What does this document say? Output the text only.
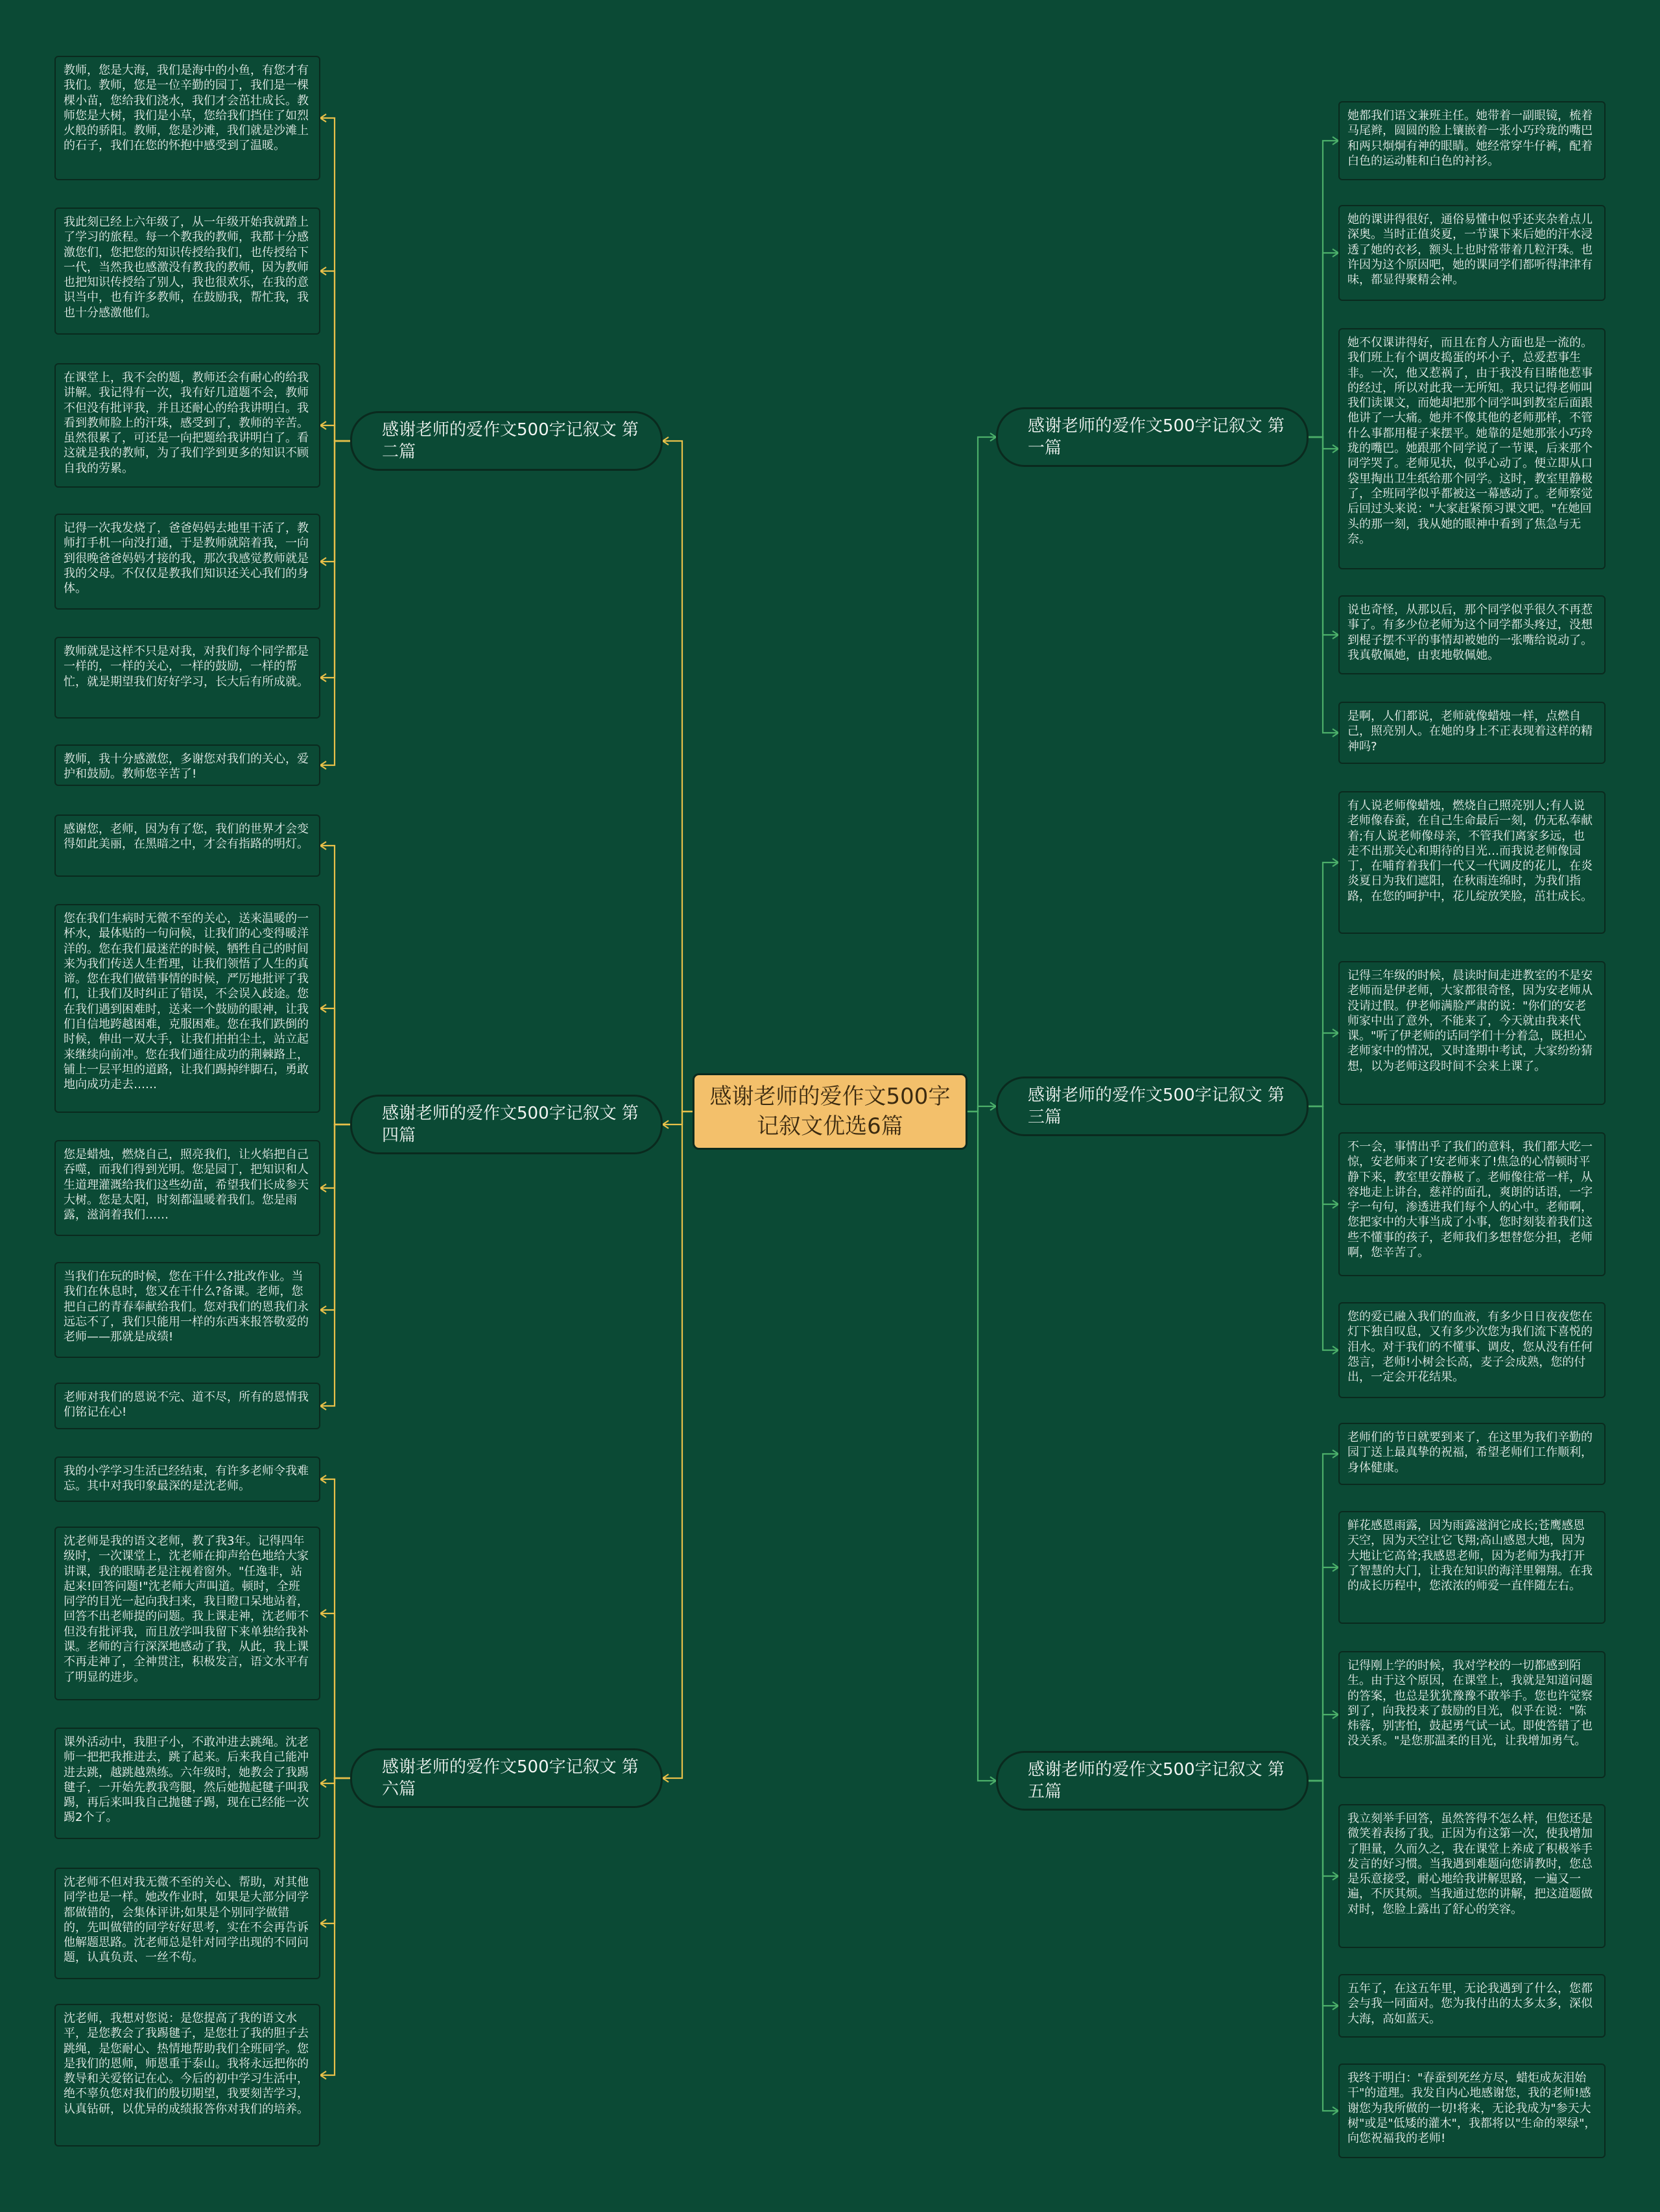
感谢老师的爱作文500字记叙文优选6篇
感谢老师的爱作文500字记叙文 第二篇
感谢老师的爱作文500字记叙文 第四篇
感谢老师的爱作文500字记叙文 第六篇
感谢老师的爱作文500字记叙文 第一篇
感谢老师的爱作文500字记叙文 第三篇
感谢老师的爱作文500字记叙文 第五篇
教师，您是大海，我们是海中的小鱼，有您才有我们。教师，您是一位辛勤的园丁，我们是一棵棵小苗，您给我们浇水，我们才会茁壮成长。教师您是大树，我们是小草，您给我们挡住了如烈火般的骄阳。教师，您是沙滩，我们就是沙滩上的石子，我们在您的怀抱中感受到了温暖。
我此刻已经上六年级了，从一年级开始我就踏上了学习的旅程。每一个教我的教师，我都十分感激您们，您把您的知识传授给我们，也传授给下一代，当然我也感激没有教我的教师，因为教师也把知识传授给了别人，我也很欢乐，在我的意识当中，也有许多教师，在鼓励我，帮忙我，我也十分感激他们。
在课堂上，我不会的题，教师还会有耐心的给我讲解。我记得有一次，我有好几道题不会，教师不但没有批评我，并且还耐心的给我讲明白。我看到教师脸上的汗珠，感受到了，教师的辛苦。虽然很累了，可还是一向把题给我讲明白了。看这就是我的教师，为了我们学到更多的知识不顾自我的劳累。
记得一次我发烧了，爸爸妈妈去地里干活了，教师打手机一向没打通，于是教师就陪着我，一向到很晚爸爸妈妈才接的我，那次我感觉教师就是我的父母。不仅仅是教我们知识还关心我们的身体。
教师就是这样不只是对我，对我们每个同学都是一样的，一样的关心，一样的鼓励，一样的帮忙，就是期望我们好好学习，长大后有所成就。
教师，我十分感激您，多谢您对我们的关心，爱护和鼓励。教师您辛苦了!
感谢您，老师，因为有了您，我们的世界才会变得如此美丽，在黑暗之中，才会有指路的明灯。
您在我们生病时无微不至的关心，送来温暖的一杯水，最体贴的一句问候，让我们的心变得暖洋洋的。您在我们最迷茫的时候，牺牲自己的时间来为我们传送人生哲理，让我们领悟了人生的真谛。您在我们做错事情的时候，严厉地批评了我们，让我们及时纠正了错误，不会误入歧途。您在我们遇到困难时，送来一个鼓励的眼神，让我们自信地跨越困难，克服困难。您在我们跌倒的时候，伸出一双大手，让我们拍拍尘土，站立起来继续向前冲。您在我们通往成功的荆棘路上，铺上一层平坦的道路，让我们踢掉绊脚石，勇敢地向成功走去……
您是蜡烛，燃烧自己，照亮我们，让火焰把自己吞噬，而我们得到光明。您是园丁，把知识和人生道理灌溉给我们这些幼苗，希望我们长成参天大树。您是太阳，时刻都温暖着我们。您是雨露，滋润着我们……
当我们在玩的时候，您在干什么?批改作业。当我们在休息时，您又在干什么?备课。老师，您把自己的青春奉献给我们。您对我们的恩我们永远忘不了，我们只能用一样的东西来报答敬爱的老师——那就是成绩!
老师对我们的恩说不完、道不尽，所有的恩情我们铭记在心!
我的小学学习生活已经结束，有许多老师令我难忘。其中对我印象最深的是沈老师。
沈老师是我的语文老师，教了我3年。记得四年级时，一次课堂上，沈老师在抑声给色地给大家讲课，我的眼睛老是注视着窗外。"任逸非，站起来!回答问题!"沈老师大声叫道。顿时，全班同学的目光一起向我扫来，我目瞪口呆地站着，回答不出老师提的问题。我上课走神，沈老师不但没有批评我，而且放学叫我留下来单独给我补课。老师的言行深深地感动了我，从此，我上课不再走神了，全神贯注，积极发言，语文水平有了明显的进步。
课外活动中，我胆子小，不敢冲进去跳绳。沈老师一把把我推进去，跳了起来。后来我自己能冲进去跳，越跳越熟练。六年级时，她教会了我踢毽子，一开始先教我弯腿，然后她抛起毽子叫我踢，再后来叫我自己抛毽子踢，现在已经能一次踢2个了。
沈老师不但对我无微不至的关心、帮助，对其他同学也是一样。她改作业时，如果是大部分同学都做错的，会集体评讲;如果是个别同学做错的，先叫做错的同学好好思考，实在不会再告诉他解题思路。沈老师总是针对同学出现的不同问题，认真负责、一丝不苟。
沈老师，我想对您说：是您提高了我的语文水平，是您教会了我踢毽子，是您壮了我的胆子去跳绳，是您耐心、热情地帮助我们全班同学。您是我们的恩师，师恩重于泰山。我将永远把你的教导和关爱铭记在心。今后的初中学习生活中，绝不辜负您对我们的殷切期望，我要刻苦学习，认真钻研，以优异的成绩报答你对我们的培养。
她都我们语文兼班主任。她带着一副眼镜，梳着马尾辫，圆圆的脸上镶嵌着一张小巧玲珑的嘴巴和两只炯炯有神的眼睛。她经常穿牛仔裤，配着白色的运动鞋和白色的衬衫。
她的课讲得很好，通俗易懂中似乎还夹杂着点儿深奥。当时正值炎夏，一节课下来后她的汗水浸透了她的衣衫，额头上也时常带着几粒汗珠。也许因为这个原因吧，她的课同学们都听得津津有味，都显得聚精会神。
她不仅课讲得好，而且在育人方面也是一流的。我们班上有个调皮捣蛋的坏小子，总爱惹事生非。一次，他又惹祸了，由于我没有目睹他惹事的经过，所以对此我一无所知。我只记得老师叫我们读课文，而她却把那个同学叫到教室后面跟他讲了一大痛。她并不像其他的老师那样，不管什么事都用棍子来摆平。她靠的是她那张小巧玲珑的嘴巴。她跟那个同学说了一节课，后来那个同学哭了。老师见状，似乎心动了。便立即从口袋里掏出卫生纸给那个同学。这时，教室里静极了，全班同学似乎都被这一幕感动了。老师察觉后回过头来说："大家赶紧预习课文吧。"在她回头的那一刻，我从她的眼神中看到了焦急与无奈。
说也奇怪，从那以后，那个同学似乎很久不再惹事了。有多少位老师为这个同学都头疼过，没想到棍子摆不平的事情却被她的一张嘴给说动了。我真敬佩她，由衷地敬佩她。
是啊，人们都说，老师就像蜡烛一样，点燃自己，照亮别人。在她的身上不正表现着这样的精神吗?
有人说老师像蜡烛，燃烧自己照亮别人;有人说老师像春蚕，在自己生命最后一刻，仍无私奉献着;有人说老师像母亲，不管我们离家多远，也走不出那关心和期待的目光…而我说老师像园丁，在哺育着我们一代又一代调皮的花儿，在炎炎夏日为我们遮阳，在秋雨连绵时，为我们指路，在您的呵护中，花儿绽放笑脸，茁壮成长。
记得三年级的时候，晨读时间走进教室的不是安老师而是伊老师，大家都很奇怪，因为安老师从没请过假。伊老师满脸严肃的说："你们的安老师家中出了意外，不能来了，今天就由我来代课。"听了伊老师的话同学们十分着急，既担心老师家中的情况，又时逢期中考试，大家纷纷猜想，以为老师这段时间不会来上课了。
不一会，事情出乎了我们的意料，我们都大吃一惊，安老师来了!安老师来了!焦急的心情顿时平静下来，教室里安静极了。老师像往常一样，从容地走上讲台，慈祥的面孔，爽朗的话语，一字字一句句，渗透进我们每个人的心中。老师啊，您把家中的大事当成了小事，您时刻装着我们这些不懂事的孩子，老师我们多想替您分担，老师啊，您辛苦了。
您的爱已融入我们的血液，有多少日日夜夜您在灯下独自叹息，又有多少次您为我们流下喜悦的泪水。对于我们的不懂事、调皮，您从没有任何怨言，老师!小树会长高，麦子会成熟，您的付出，一定会开花结果。
老师们的节日就要到来了，在这里为我们辛勤的园丁送上最真挚的祝福，希望老师们工作顺利，身体健康。
鲜花感恩雨露，因为雨露滋润它成长;苍鹰感恩天空，因为天空让它飞翔;高山感恩大地，因为大地让它高耸;我感恩老师，因为老师为我打开了智慧的大门，让我在知识的海洋里翱翔。在我的成长历程中，您浓浓的师爱一直伴随左右。
记得刚上学的时候，我对学校的一切都感到陌生。由于这个原因，在课堂上，我就是知道问题的答案，也总是犹犹豫豫不敢举手。您也许觉察到了，向我投来了鼓励的目光，似乎在说："陈炜蓉，别害怕，鼓起勇气试一试。即使答错了也没关系。"是您那温柔的目光，让我增加勇气。
我立刻举手回答，虽然答得不怎么样，但您还是微笑着表扬了我。正因为有这第一次，使我增加了胆量，久而久之，我在课堂上养成了积极举手发言的好习惯。当我遇到难题向您请教时，您总是乐意接受，耐心地给我讲解思路，一遍又一遍，不厌其烦。当我通过您的讲解，把这道题做对时，您脸上露出了舒心的笑容。
五年了，在这五年里，无论我遇到了什么，您都会与我一同面对。您为我付出的太多太多，深似大海，高如蓝天。
我终于明白："春蚕到死丝方尽，蜡炬成灰泪始干"的道理。我发自内心地感谢您，我的老师!感谢您为我所做的一切!将来，无论我成为"参天大树"或是"低矮的灌木"，我都将以"生命的翠绿"，向您祝福我的老师!
